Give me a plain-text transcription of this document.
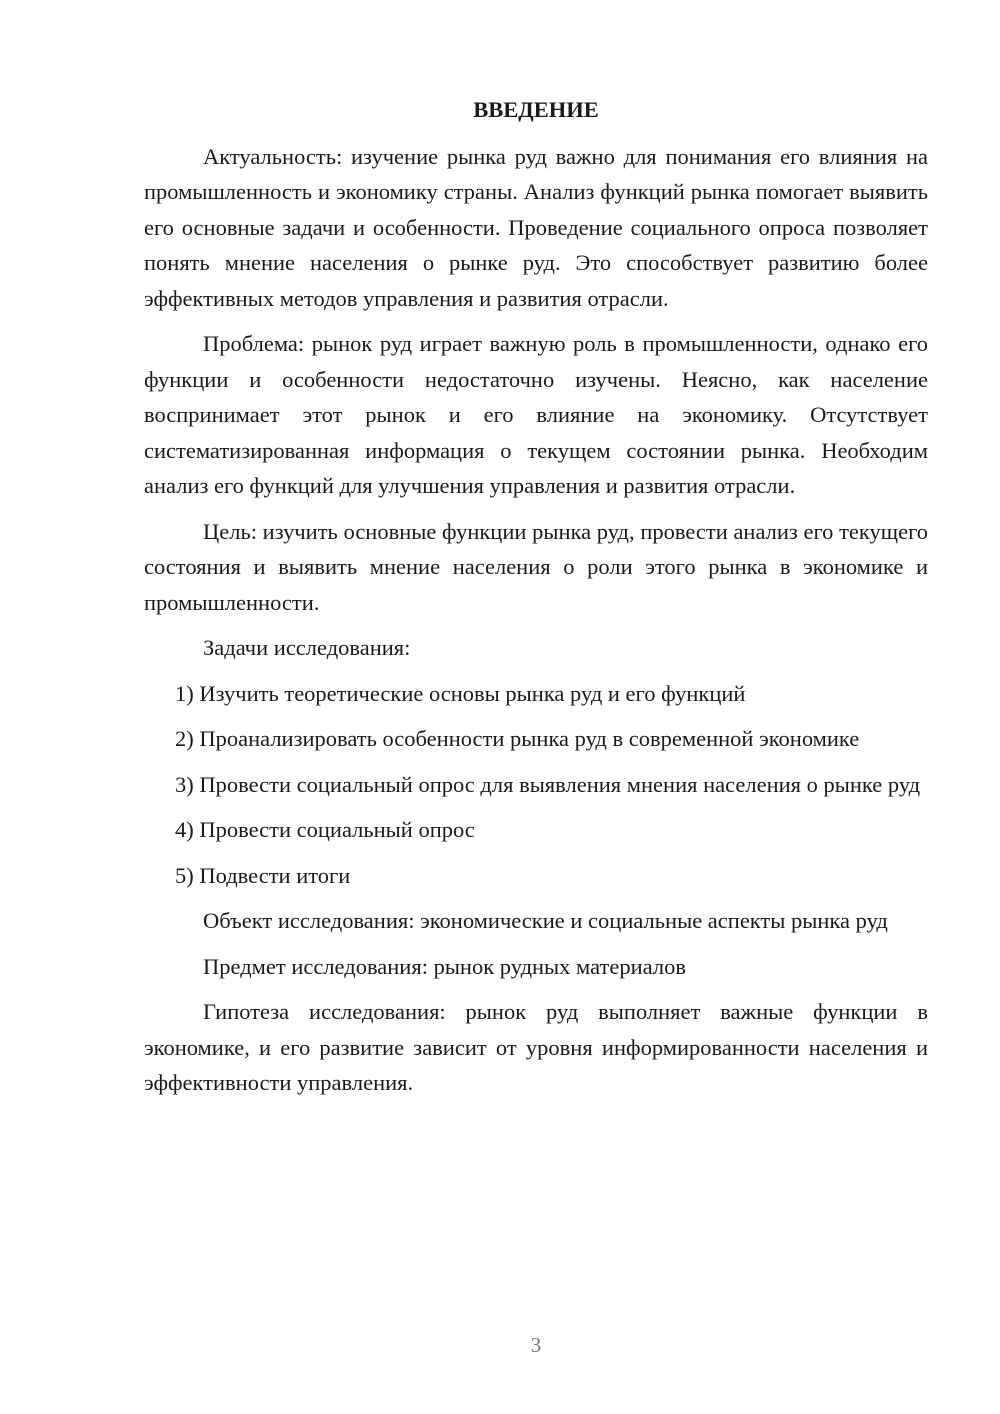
ВВЕДЕНИЕ

Актуальность: изучение рынка руд важно для понимания его влияния на промышленность и экономику страны. Анализ функций рынка помогает выявить его основные задачи и особенности. Проведение социального опроса позволяет понять мнение населения о рынке руд. Это способствует развитию более эффективных методов управления и развития отрасли.

Проблема: рынок руд играет важную роль в промышленности, однако его функции и особенности недостаточно изучены. Неясно, как население воспринимает этот рынок и его влияние на экономику. Отсутствует систематизированная информация о текущем состоянии рынка. Необходим анализ его функций для улучшения управления и развития отрасли.

Цель: изучить основные функции рынка руд, провести анализ его текущего состояния и выявить мнение населения о роли этого рынка в экономике и промышленности.

Задачи исследования:

1) Изучить теоретические основы рынка руд и его функций

2) Проанализировать особенности рынка руд в современной экономике

3) Провести социальный опрос для выявления мнения населения о рынке руд

4) Провести социальный опрос

5) Подвести итоги

Объект исследования: экономические и социальные аспекты рынка руд

Предмет исследования: рынок рудных материалов

Гипотеза исследования: рынок руд выполняет важные функции в экономике, и его развитие зависит от уровня информированности населения и эффективности управления.

3
